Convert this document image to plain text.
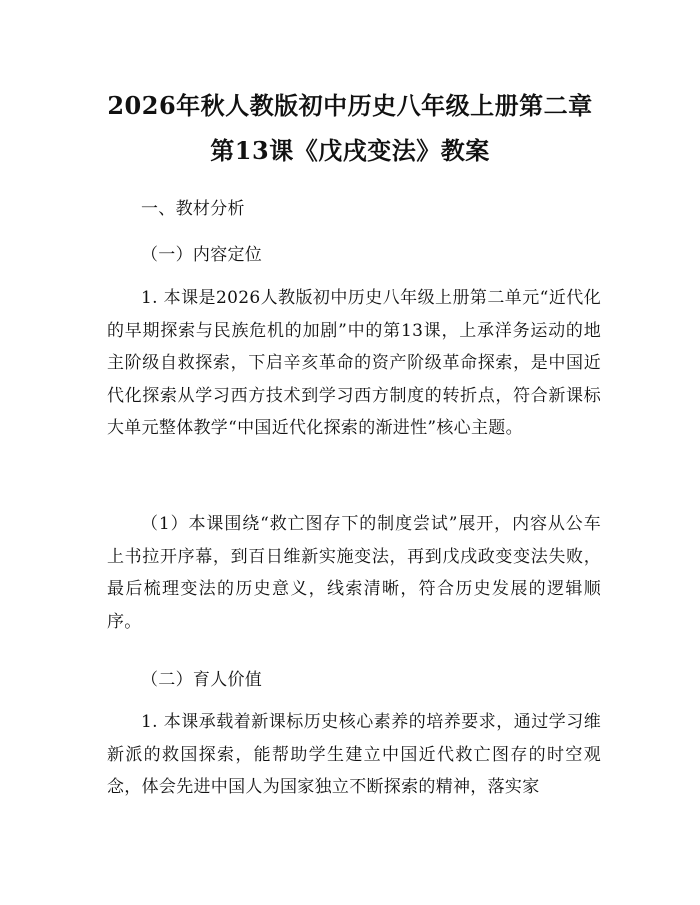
2026年秋人教版初中历史八年级上册第二章
第13课《戊戌变法》教案
一、教材分析
（一）内容定位
1. 本课是2026人教版初中历史八年级上册第二单元“近代化的早期探索与民族危机的加剧”中的第13课，上承洋务运动的地主阶级自救探索，下启辛亥革命的资产阶级革命探索，是中国近代化探索从学习西方技术到学习西方制度的转折点，符合新课标大单元整体教学“中国近代化探索的渐进性”核心主题。
（1）本课围绕“救亡图存下的制度尝试”展开，内容从公车上书拉开序幕，到百日维新实施变法，再到戊戌政变变法失败，最后梳理变法的历史意义，线索清晰，符合历史发展的逻辑顺序。
（二）育人价值
1. 本课承载着新课标历史核心素养的培养要求，通过学习维新派的救国探索，能帮助学生建立中国近代救亡图存的时空观念，体会先进中国人为国家独立不断探索的精神，落实家
